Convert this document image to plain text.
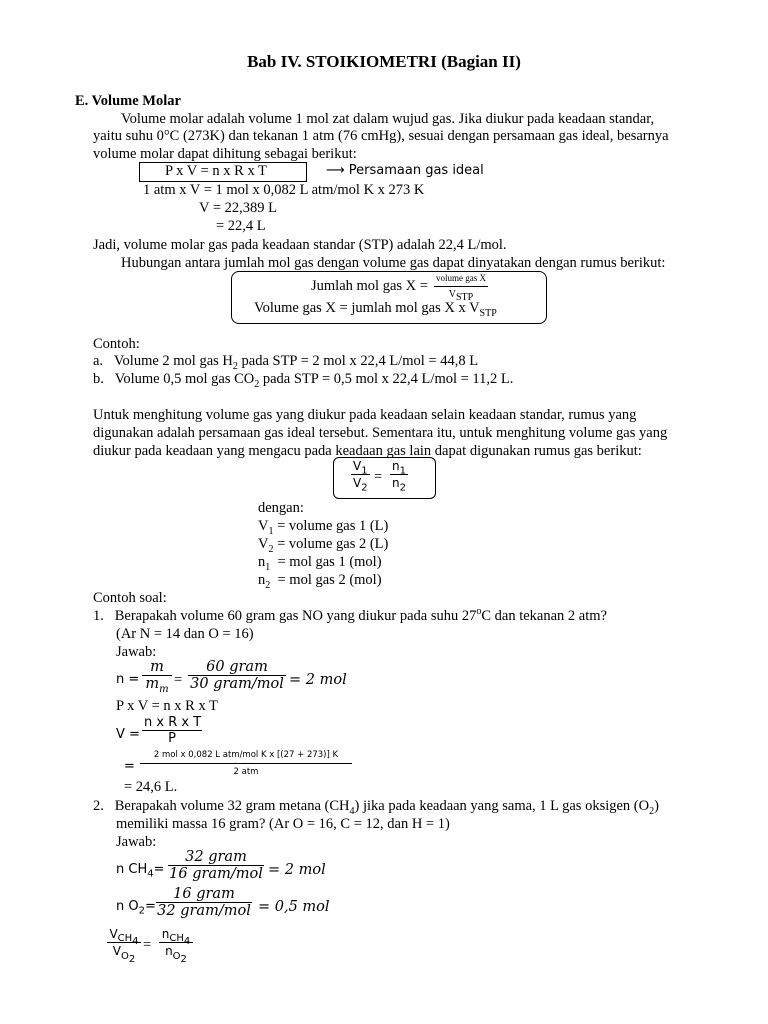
Bab IV. STOIKIOMETRI (Bagian II)
E. Volume Molar
Volume molar adalah volume 1 mol zat dalam wujud gas. Jika diukur pada keadaan standar,
yaitu suhu 0°C (273K) dan tekanan 1 atm (76 cmHg), sesuai dengan persamaan gas ideal, besarnya
volume molar dapat dihitung sebagai berikut:
P x V = n x R x T	⟶ Persamaan gas ideal
1 atm x V = 1 mol x 0,082 L atm/mol K x 273 K
V = 22,389 L
= 22,4 L
Jadi, volume molar gas pada keadaan standar (STP) adalah 22,4 L/mol.
Hubungan antara jumlah mol gas dengan volume gas dapat dinyatakan dengan rumus berikut:
Jumlah mol gas X = volume gas X
$V_{STP}$
Volume gas X = jumlah mol gas X x $V_{STP}$
Contoh:
a.   Volume 2 mol gas $H_2$ pada STP = 2 mol x 22,4 L/mol = 44,8 L
b.   Volume 0,5 mol gas $CO_2$ pada STP = 0,5 mol x 22,4 L/mol = 11,2 L.
Untuk menghitung volume gas yang diukur pada keadaan selain keadaan standar, rumus yang
digunakan adalah persamaan gas ideal tersebut. Sementara itu, untuk menghitung volume gas yang
diukur pada keadaan yang mengacu pada keadaan gas lain dapat digunakan rumus gas berikut:
$\frac{V_1}{V_2} = \frac{n_1}{n_2}$
dengan:
$V_1$ = volume gas 1 (L)
$V_2$ = volume gas 2 (L)
$n_1$  = mol gas 1 (mol)
$n_2$  = mol gas 2 (mol)
Contoh soal:
1.   Berapakah volume 60 gram gas NO yang diukur pada suhu 27$^o$C dan tekanan 2 atm?
(Ar N = 14 dan O = 16)
Jawab:
$n = \frac{m}{m_m}$ =
60 gram
30 gram/mol = 2 mol
P x V = n x R x T
$V = \frac{\text{n x R x T}}{P}$
=
2 mol x 0,082 L atm/mol K x [(27 + 273)] K
2 atm
= 24,6 L.
2.   Berapakah volume 32 gram metana $(CH_4)$ jika pada keadaan yang sama, 1 L gas oksigen $(O_2)$
memiliki massa 16 gram? (Ar O = 16, C = 12, dan H = 1)
Jawab:
n $CH_4=$
32 gram
16 gram/mol = 2 mol
n $O_2=$
16 gram
32 gram/mol = 0,5 mol
$V_{CH_4}$
$V_{O_2}$
=
$n_{CH_4}$
$n_{O_2}$
